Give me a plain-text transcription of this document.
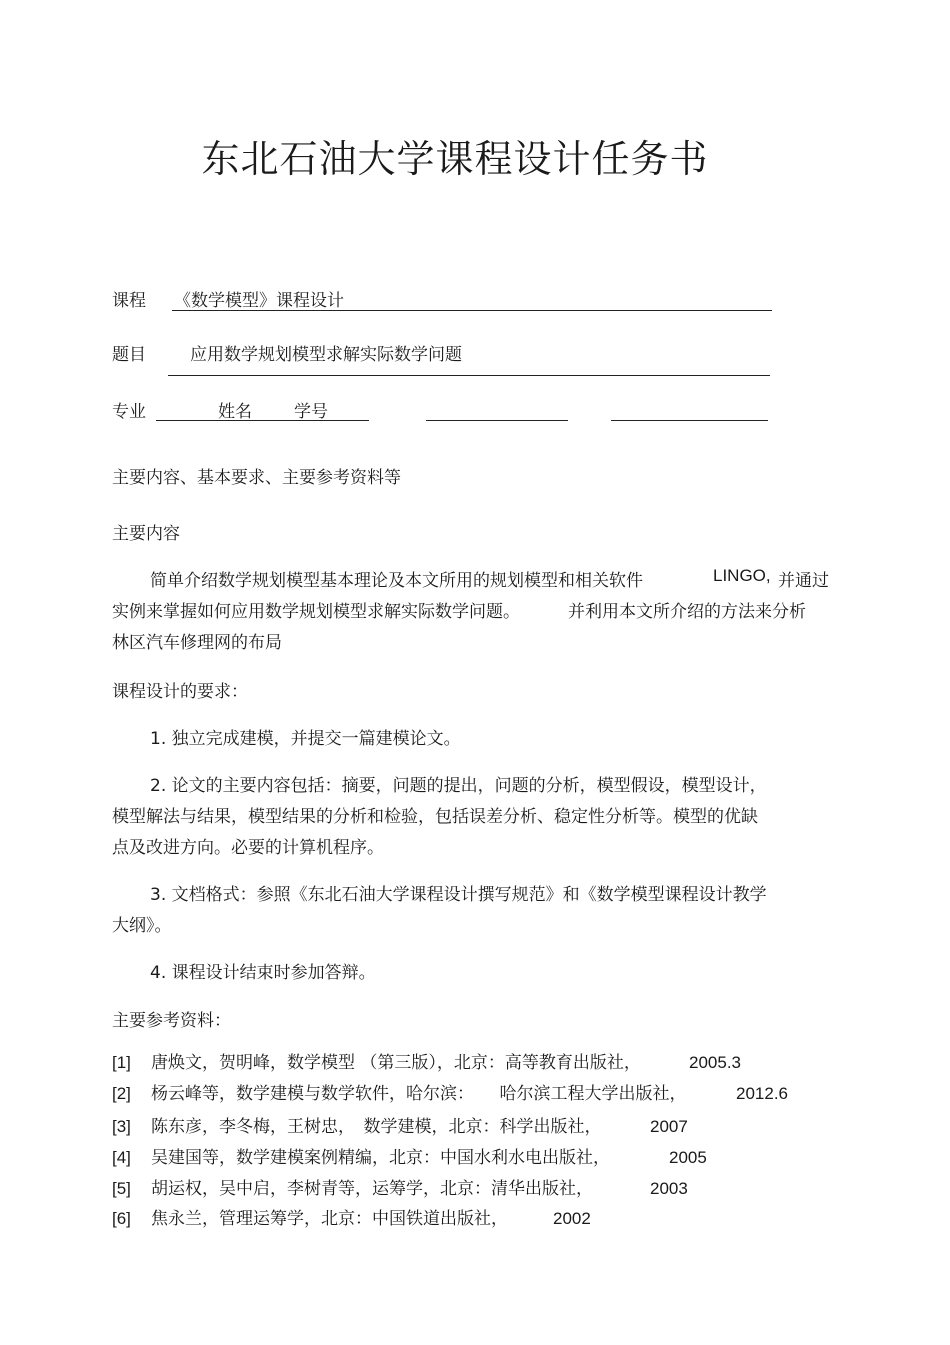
东北石油大学课程设计任务书
课程 《数学模型》课程设计
题目	应用数学规划模型求解实际数学问题
专业	姓名 学号
主要内容、基本要求、主要参考资料等
主要内容
简单介绍数学规划模型基本理论及本文所用的规划模型和相关软件	LINGO, 并通过
实例来掌握如何应用数学规划模型求解实际数学问题。	并利用本文所介绍的方法来分析
林区汽车修理网的布局
课程设计的要求：
1. 独立完成建模，并提交一篇建模论文。
2. 论文的主要内容包括：摘要，问题的提出，问题的分析，模型假设，模型设计，
模型解法与结果，模型结果的分析和检验，包括误差分析、稳定性分析等。模型的优缺
点及改进方向。必要的计算机程序。
3. 文档格式：参照《东北石油大学课程设计撰写规范》和《数学模型课程设计教学
大纲》。
4. 课程设计结束时参加答辩。
主要参考资料：
[1] 唐焕文，贺明峰，数学模型 （第三版），北京：高等教育出版社，	2005.3
[2] 杨云峰等，数学建模与数学软件，哈尔滨：　　哈尔滨工程大学出版社，	2012.6
[3] 陈东彦，李冬梅，王树忠，　数学建模，北京：科学出版社，	2007
[4] 吴建国等，数学建模案例精编，北京：中国水利水电出版社，	2005
[5] 胡运权，吴中启，李树青等，运筹学，北京：清华出版社，	2003
[6] 焦永兰，管理运筹学，北京：中国铁道出版社，	2002
